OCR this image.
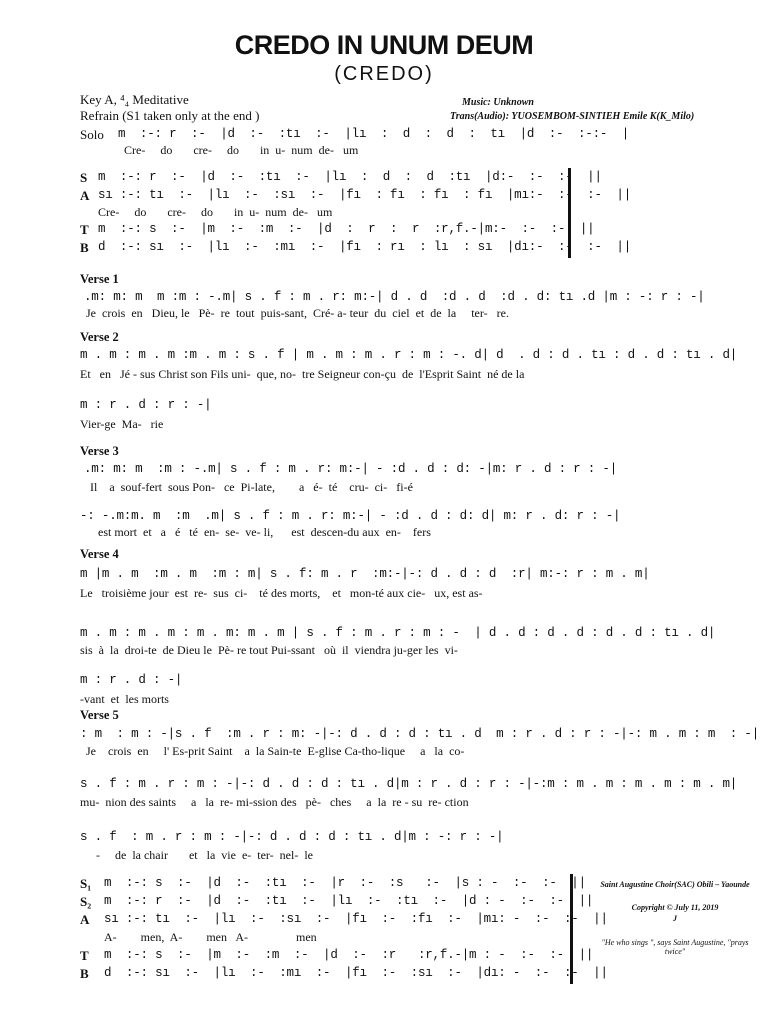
CREDO IN UNUM DEUM
(CREDO)
Key A, ⁴₄ Meditative
Refrain (S1 taken only at the end )
Music: Unknown
Trans(Audio): YUOSEMBOM-SINTIEH Emile K(K_Milo)
Solo m  :-: r  :-  |d  :-  :tı  :-  |lı  :  d  :  d  :  tı  |d  :-  :-:-  |
Cre-     do       cre-     do       in  u-  num  de-   um
S m  :-: r  :-  |d  :-  :tı  :-  |lı  :  d  :  d  :tı  |d:-  :-  :-  ||
A sı :-: tı  :-  |lı  :-  :sı  :-  |fı  : fı  : fı  : fı  |mı:-  :-  :-  ||
Cre-     do       cre-     do       in  u-  num  de-   um
T m  :-: s  :-  |m  :-  :m  :-  |d  :  r  :  r  :r,f.-|m:-  :-  :-  ||
B d  :-: sı  :-  |lı  :-  :mı  :-  |fı  : rı  : lı  : sı  |dı:-  :-  :-  ||
Verse 1
.m: m: m  m :m : -.m| s . f : m . r: m:-| d . d  :d . d  :d . d: tı .d |m : -: r : -|
Je  crois  en   Dieu, le   Pè-  re  tout  puis-sant,  Cré- a- teur  du  ciel  et  de  la     ter-   re.
Verse 2
m . m : m . m :m . m : s . f | m . m : m . r : m : -. d| d  . d : d . tı : d . d : tı . d|
Et   en   Jé - sus Christ son Fils uni-  que, no-  tre Seigneur con-çu  de  l'Esprit Saint  né de la
m : r . d : r : -|
Vier-ge  Ma-   rie
Verse 3
.m: m: m  :m : -.m| s . f : m . r: m:-| - :d . d : d: -|m: r . d : r : -|
Il    a  souf-fert  sous Pon-   ce  Pi-late,        a   é-  té    cru-  ci-   fi-é
-: -.m:m. m  :m  .m| s . f : m . r: m:-| - :d . d : d: d| m: r . d: r : -|
est mort  et   a   é   té  en-  se-  ve- li,      est  descen-du aux  en-    fers
Verse 4
m |m . m  :m . m  :m : m| s . f: m . r  :m:-|-: d . d : d  :r| m:-: r : m . m|
Le   troisième jour  est  re-  sus  ci-    té des morts,    et   mon-té aux cie-   ux, est as-
m . m : m . m : m . m: m . m | s . f : m . r : m : -  | d . d : d . d : d . d : tı . d|
sis  à  la  droi-te  de Dieu le  Pè- re tout Pui-ssant   où  il  viendra ju-ger les  vi-
m : r . d : -|
-vant  et  les morts
Verse 5
: m  : m : -|s . f  :m . r : m: -|-: d . d : d : tı . d  m : r . d : r : -|-: m . m : m  : -|
Je    crois  en     l' Es-prit Saint    a  la Sain-te  E-glise Ca-tho-lique     a   la  co-
s . f : m . r : m : -|-: d . d : d : tı . d|m : r . d : r : -|-:m : m . m : m . m : m . m|
mu-  nion des saints     a   la  re- mi-ssion des   pè-   ches     a  la  re - su  re- ction
s . f  : m . r : m : -|-: d . d : d : tı . d|m : -: r : -|
-     de  la chair       et   la  vie  e-  ter-  nel-  le
S₁ m  :-: s  :-  |d  :-  :tı  :-  |r  :-  :s   :-  |s : -  :-  :-  ||
S₂ m  :-: r  :-  |d  :-  :tı  :-  |lı  :-  :tı  :-  |d : -  :-  :-  ||
A sı :-: tı  :-  |lı  :-  :sı  :-  |fı  :-  :fı  :-  |mı: -  :-  :-  ||
A-        men,  A-        men   A-                men
T m  :-: s  :-  |m  :-  :m  :-  |d  :-  :r   :r,f.-|m : -  :-  :-  ||
B d  :-: sı  :-  |lı  :-  :mı  :-  |fı  :-  :sı  :-  |dı: -  :-  :-  ||
Saint Augustine Choir(SAC) Obili – Yaounde
Copyright © July 11, 2019
J
"He who sings ", says Saint Augustine, "prays twice"
